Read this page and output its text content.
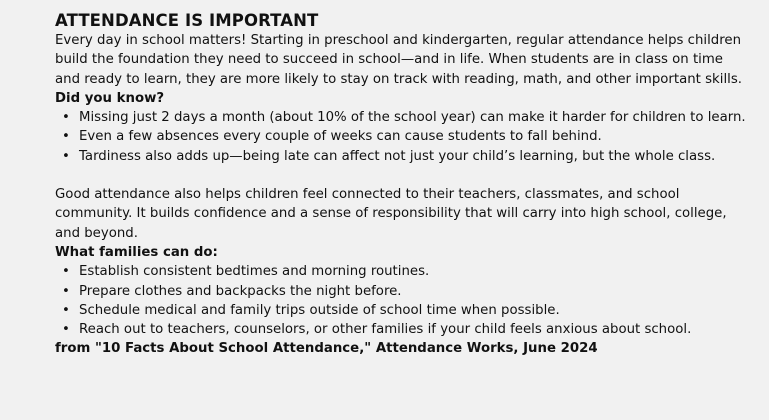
ATTENDANCE IS IMPORTANT

Every day in school matters! Starting in preschool and kindergarten, regular attendance helps children build the foundation they need to succeed in school—and in life. When students are in class on time and ready to learn, they are more likely to stay on track with reading, math, and other important skills.

Did you know?
• Missing just 2 days a month (about 10% of the school year) can make it harder for children to learn.
• Even a few absences every couple of weeks can cause students to fall behind.
• Tardiness also adds up—being late can affect not just your child’s learning, but the whole class.

Good attendance also helps children feel connected to their teachers, classmates, and school community. It builds confidence and a sense of responsibility that will carry into high school, college, and beyond.

What families can do:
• Establish consistent bedtimes and morning routines.
• Prepare clothes and backpacks the night before.
• Schedule medical and family trips outside of school time when possible.
• Reach out to teachers, counselors, or other families if your child feels anxious about school.
from "10 Facts About School Attendance," Attendance Works, June 2024
